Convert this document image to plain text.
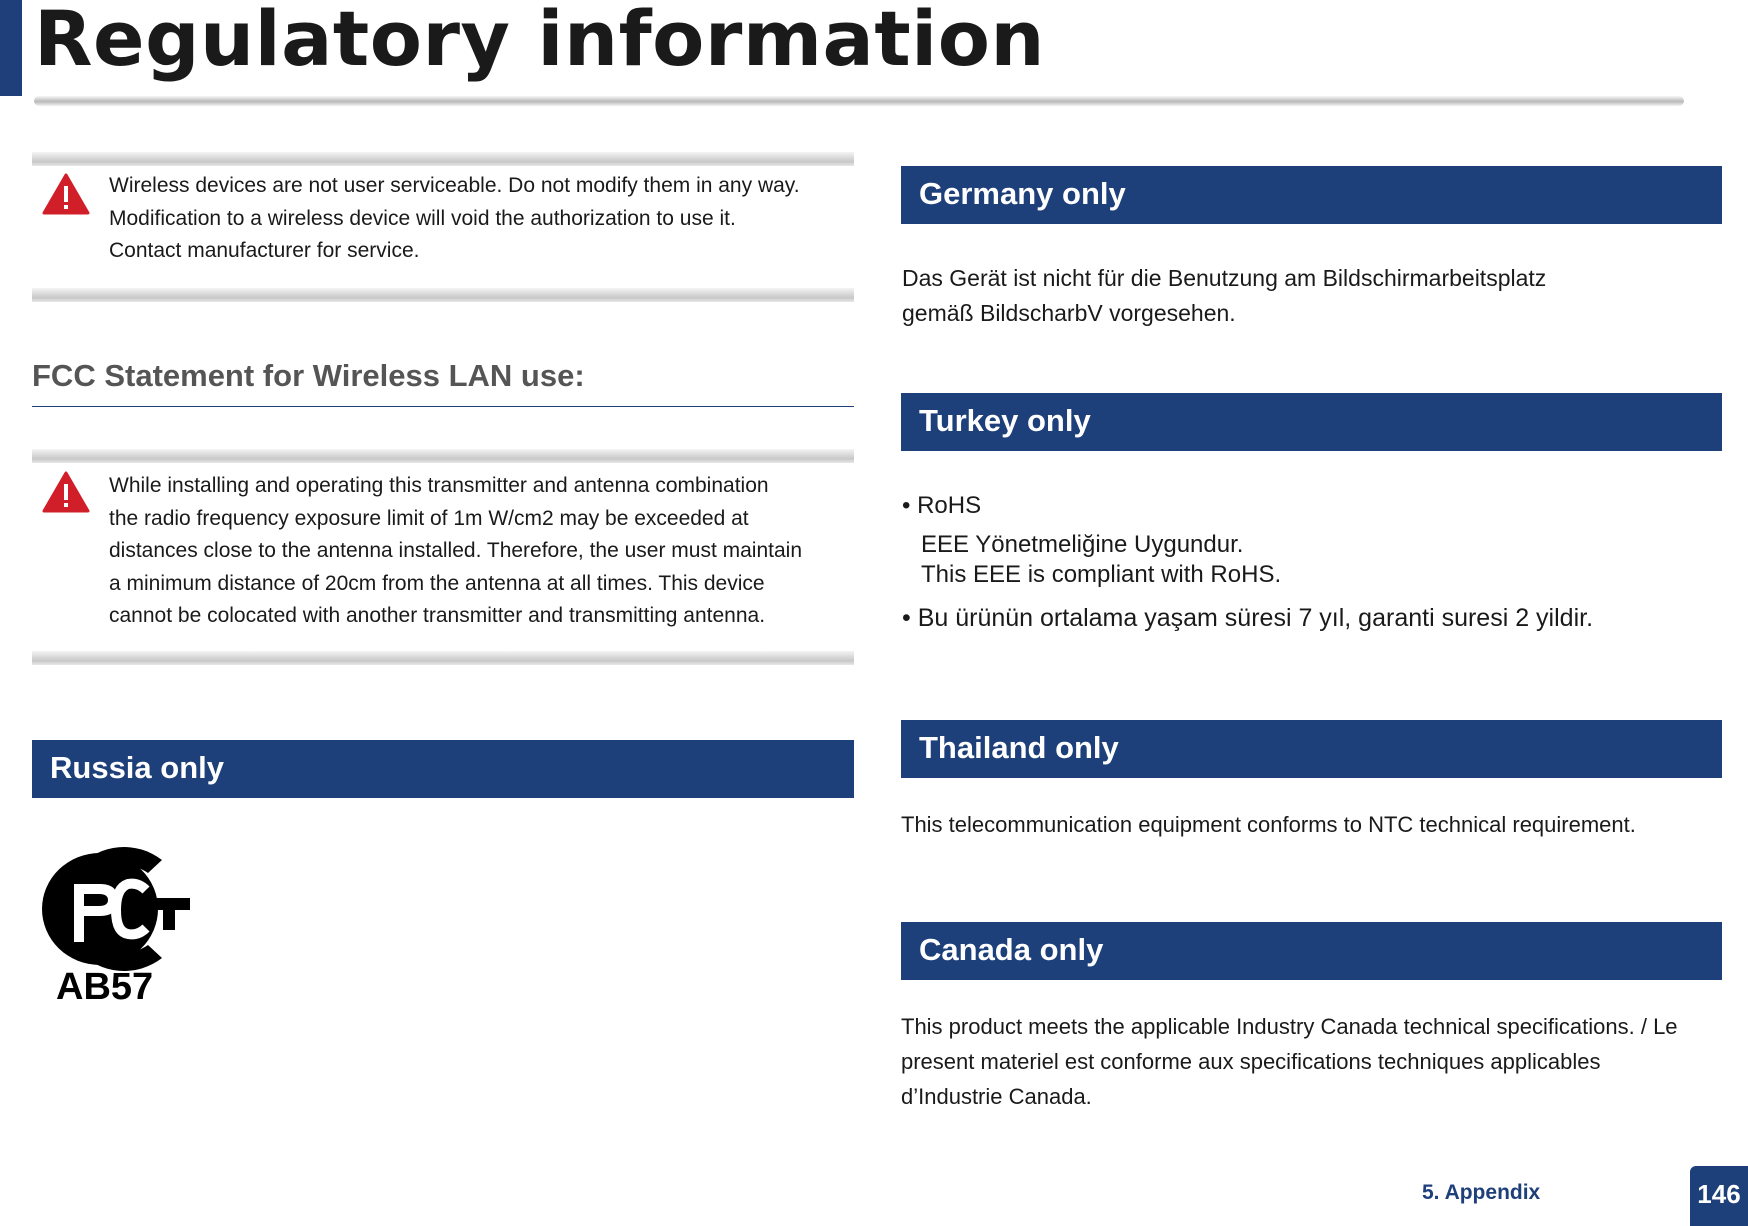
Regulatory information
Wireless devices are not user serviceable. Do not modify them in any way.
Modification to a wireless device will void the authorization to use it.
Contact manufacturer for service.
FCC Statement for Wireless LAN use:
While installing and operating this transmitter and antenna combination
the radio frequency exposure limit of 1m W/cm2 may be exceeded at
distances close to the antenna installed. Therefore, the user must maintain
a minimum distance of 20cm from the antenna at all times. This device
cannot be colocated with another transmitter and transmitting antenna.
Russia only
AB57
Germany only
Das Gerät ist nicht für die Benutzung am Bildschirmarbeitsplatz
gemäß BildscharbV vorgesehen.
Turkey only
• RoHS
EEE Yönetmeliğine Uygundur.
This EEE is compliant with RoHS.
• Bu ürünün ortalama yaşam süresi 7 yıl, garanti suresi 2 yildir.
Thailand only
This telecommunication equipment conforms to NTC technical requirement.
Canada only
This product meets the applicable Industry Canada technical specifications. / Le
present materiel est conforme aux specifications techniques applicables
d’Industrie Canada.
5. Appendix	146
